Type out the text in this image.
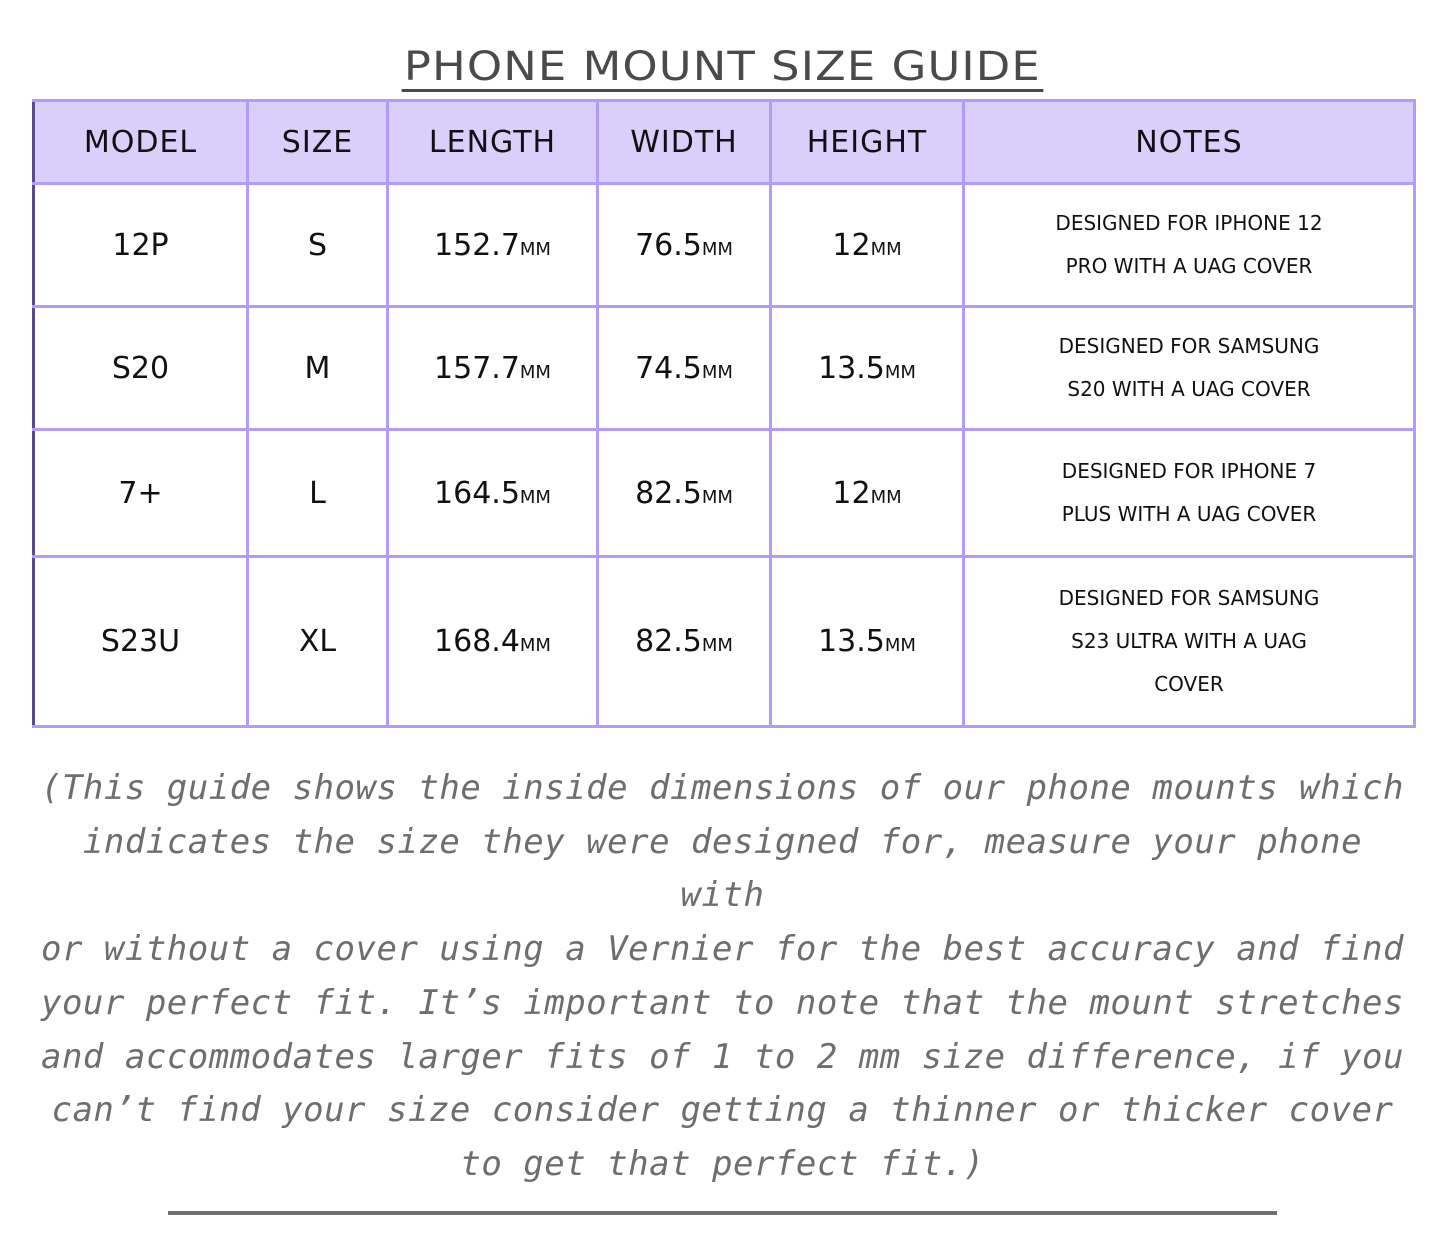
PHONE MOUNT SIZE GUIDE
MODEL	SIZE	LENGTH	WIDTH	HEIGHT	NOTES
12P	S	152.7MM	76.5MM	12MM	DESIGNED FOR IPHONE 12
PRO WITH A UAG COVER

S20	M	157.7MM	74.5MM	13.5MM	DESIGNED FOR SAMSUNG
S20 WITH A UAG COVER

7+	L	164.5MM	82.5MM	12MM	DESIGNED FOR IPHONE 7
PLUS WITH A UAG COVER

S23U	XL	168.4MM	82.5MM	13.5MM	DESIGNED FOR SAMSUNG
S23 ULTRA WITH A UAG
COVER
(This guide shows the inside dimensions of our phone mounts which
indicates the size they were designed for, measure your phone with
or without a cover using a Vernier for the best accuracy and find
your perfect fit. It’s important to note that the mount stretches
and accommodates larger fits of 1 to 2 mm size difference, if you
can’t find your size consider getting a thinner or thicker cover
to get that perfect fit.)
